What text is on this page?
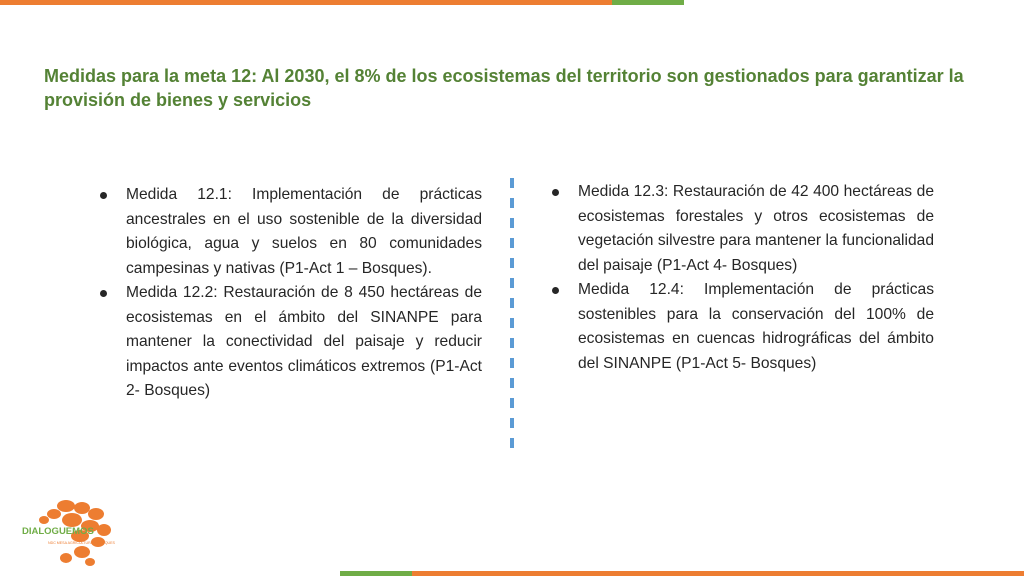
Medidas para la meta 12: Al 2030, el 8% de los ecosistemas del territorio son gestionados para garantizar la provisión de bienes y servicios
Medida 12.1: Implementación de prácticas ancestrales en el uso sostenible de la diversidad biológica, agua y suelos en 80 comunidades campesinas y nativas (P1-Act 1 – Bosques).
Medida 12.2: Restauración de 8 450 hectáreas de ecosistemas en el ámbito del SINANPE para mantener la conectividad del paisaje y reducir impactos ante eventos climáticos extremos (P1-Act 2- Bosques)
Medida 12.3: Restauración de 42 400 hectáreas de ecosistemas forestales y otros ecosistemas de vegetación silvestre para mantener la funcionalidad del paisaje (P1-Act 4- Bosques)
Medida 12.4: Implementación de prácticas sostenibles para la conservación del 100% de ecosistemas en cuencas hidrográficas del ámbito del SINANPE (P1-Act 5- Bosques)
DIALOGUEMOS
NDC MESA AGRICULTURA Y BOSQUES
